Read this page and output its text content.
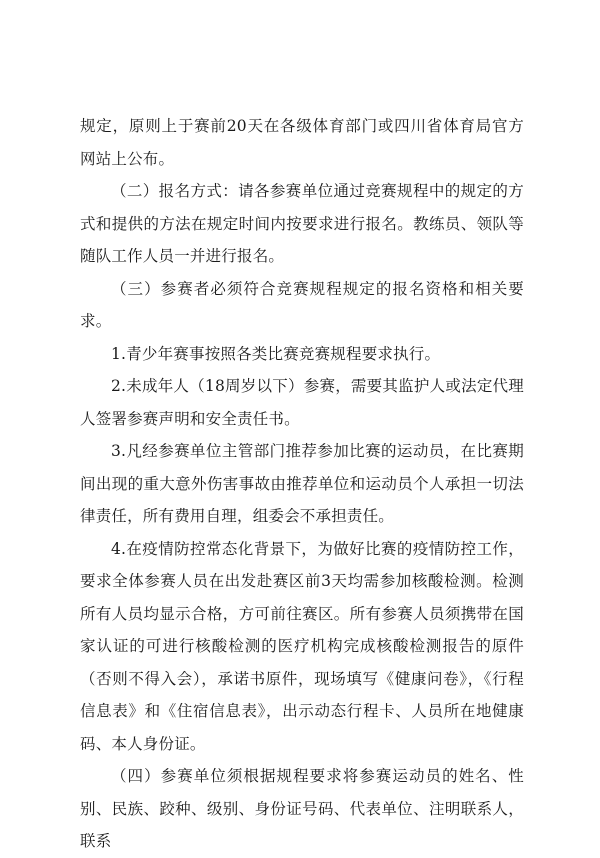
规定，原则上于赛前20天在各级体育部门或四川省体育局官方网站上公布。

（二）报名方式：请各参赛单位通过竞赛规程中的规定的方式和提供的方法在规定时间内按要求进行报名。教练员、领队等随队工作人员一并进行报名。

（三）参赛者必须符合竞赛规程规定的报名资格和相关要求。

1.青少年赛事按照各类比赛竞赛规程要求执行。

2.未成年人（18周岁以下）参赛，需要其监护人或法定代理人签署参赛声明和安全责任书。

3.凡经参赛单位主管部门推荐参加比赛的运动员，在比赛期间出现的重大意外伤害事故由推荐单位和运动员个人承担一切法律责任，所有费用自理，组委会不承担责任。

4.在疫情防控常态化背景下，为做好比赛的疫情防控工作，要求全体参赛人员在出发赴赛区前3天均需参加核酸检测。检测所有人员均显示合格，方可前往赛区。所有参赛人员须携带在国家认证的可进行核酸检测的医疗机构完成核酸检测报告的原件（否则不得入会），承诺书原件，现场填写《健康问卷》，《行程信息表》和《住宿信息表》，出示动态行程卡、人员所在地健康码、本人身份证。

（四）参赛单位须根据规程要求将参赛运动员的姓名、性别、民族、跤种、级别、身份证号码、代表单位、注明联系人，联系
